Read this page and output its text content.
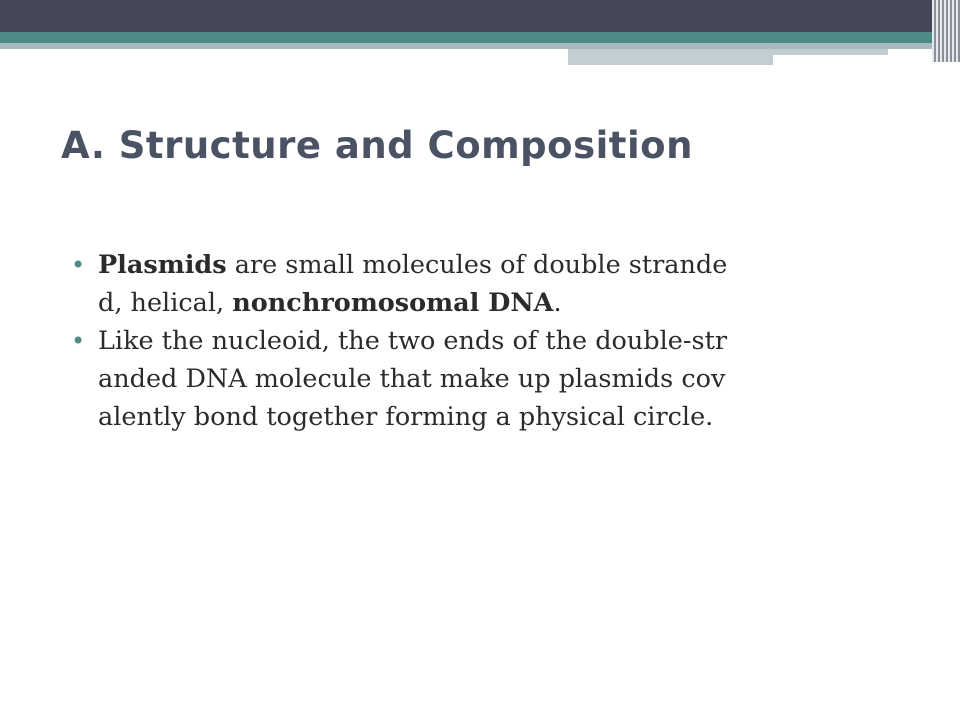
A. Structure and Composition
• Plasmids are small molecules of double strande
d, helical, nonchromosomal DNA.
• Like the nucleoid, the two ends of the double-str
anded DNA molecule that make up plasmids cov
alently bond together forming a physical circle.
